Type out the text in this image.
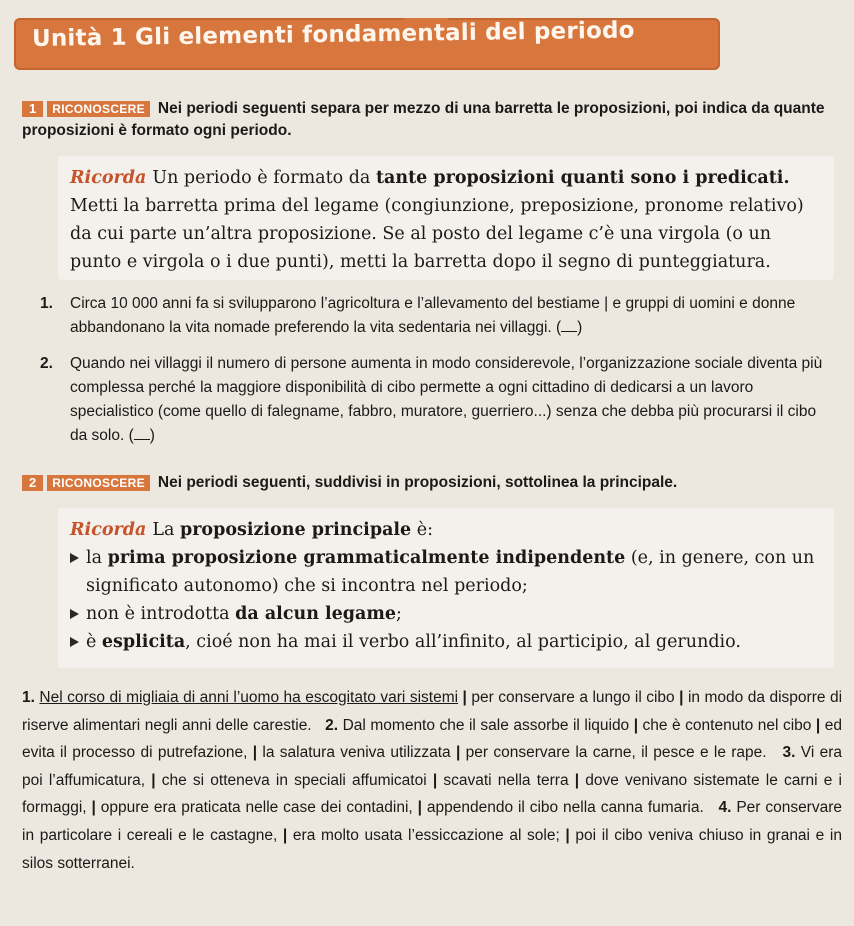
Unità 1 Gli elementi fondamentali del periodo
1 RICONOSCERE Nei periodi seguenti separa per mezzo di una barretta le proposizioni, poi indica da quante proposizioni è formato ogni periodo.
Ricorda Un periodo è formato da tante proposizioni quanti sono i predicati. Metti la barretta prima del legame (congiunzione, preposizione, pronome relativo) da cui parte un’altra proposizione. Se al posto del legame c’è una virgola (o un punto e virgola o i due punti), metti la barretta dopo il segno di punteggiatura.
1.	Circa 10 000 anni fa si svilupparono l’agricoltura e l’allevamento del bestiame | e gruppi di uomini e donne abbandonano la vita nomade preferendo la vita sedentaria nei villaggi. ( )
2.	Quando nei villaggi il numero di persone aumenta in modo considerevole, l’organizzazione sociale diventa più complessa perché la maggiore disponibilità di cibo permette a ogni cittadino di dedicarsi a un lavoro specialistico (come quello di falegname, fabbro, muratore, guerriero...) senza che debba più procurarsi il cibo da solo. ( )
2 RICONOSCERE Nei periodi seguenti, suddivisi in proposizioni, sottolinea la principale.
Ricorda La proposizione principale è:
la prima proposizione grammaticalmente indipendente (e, in genere, con un significato autonomo) che si incontra nel periodo;
non è introdotta da alcun legame;
è esplicita, cioé non ha mai il verbo all’infinito, al participio, al gerundio.
1. Nel corso di migliaia di anni l’uomo ha escogitato vari sistemi | per conservare a lungo il cibo | in modo da disporre di riserve alimentari negli anni delle carestie. 2. Dal momento che il sale assorbe il liquido | che è contenuto nel cibo | ed evita il processo di putrefazione, | la salatura veniva utilizzata | per conservare la carne, il pesce e le rape. 3. Vi era poi l’affumicatura, | che si otteneva in speciali affumicatoi | scavati nella terra | dove venivano sistemate le carni e i formaggi, | oppure era praticata nelle case dei contadini, | appendendo il cibo nella canna fumaria. 4. Per conservare in particolare i cereali e le castagne, | era molto usata l’essiccazione al sole; | poi il cibo veniva chiuso in granai e in silos sotterranei.
